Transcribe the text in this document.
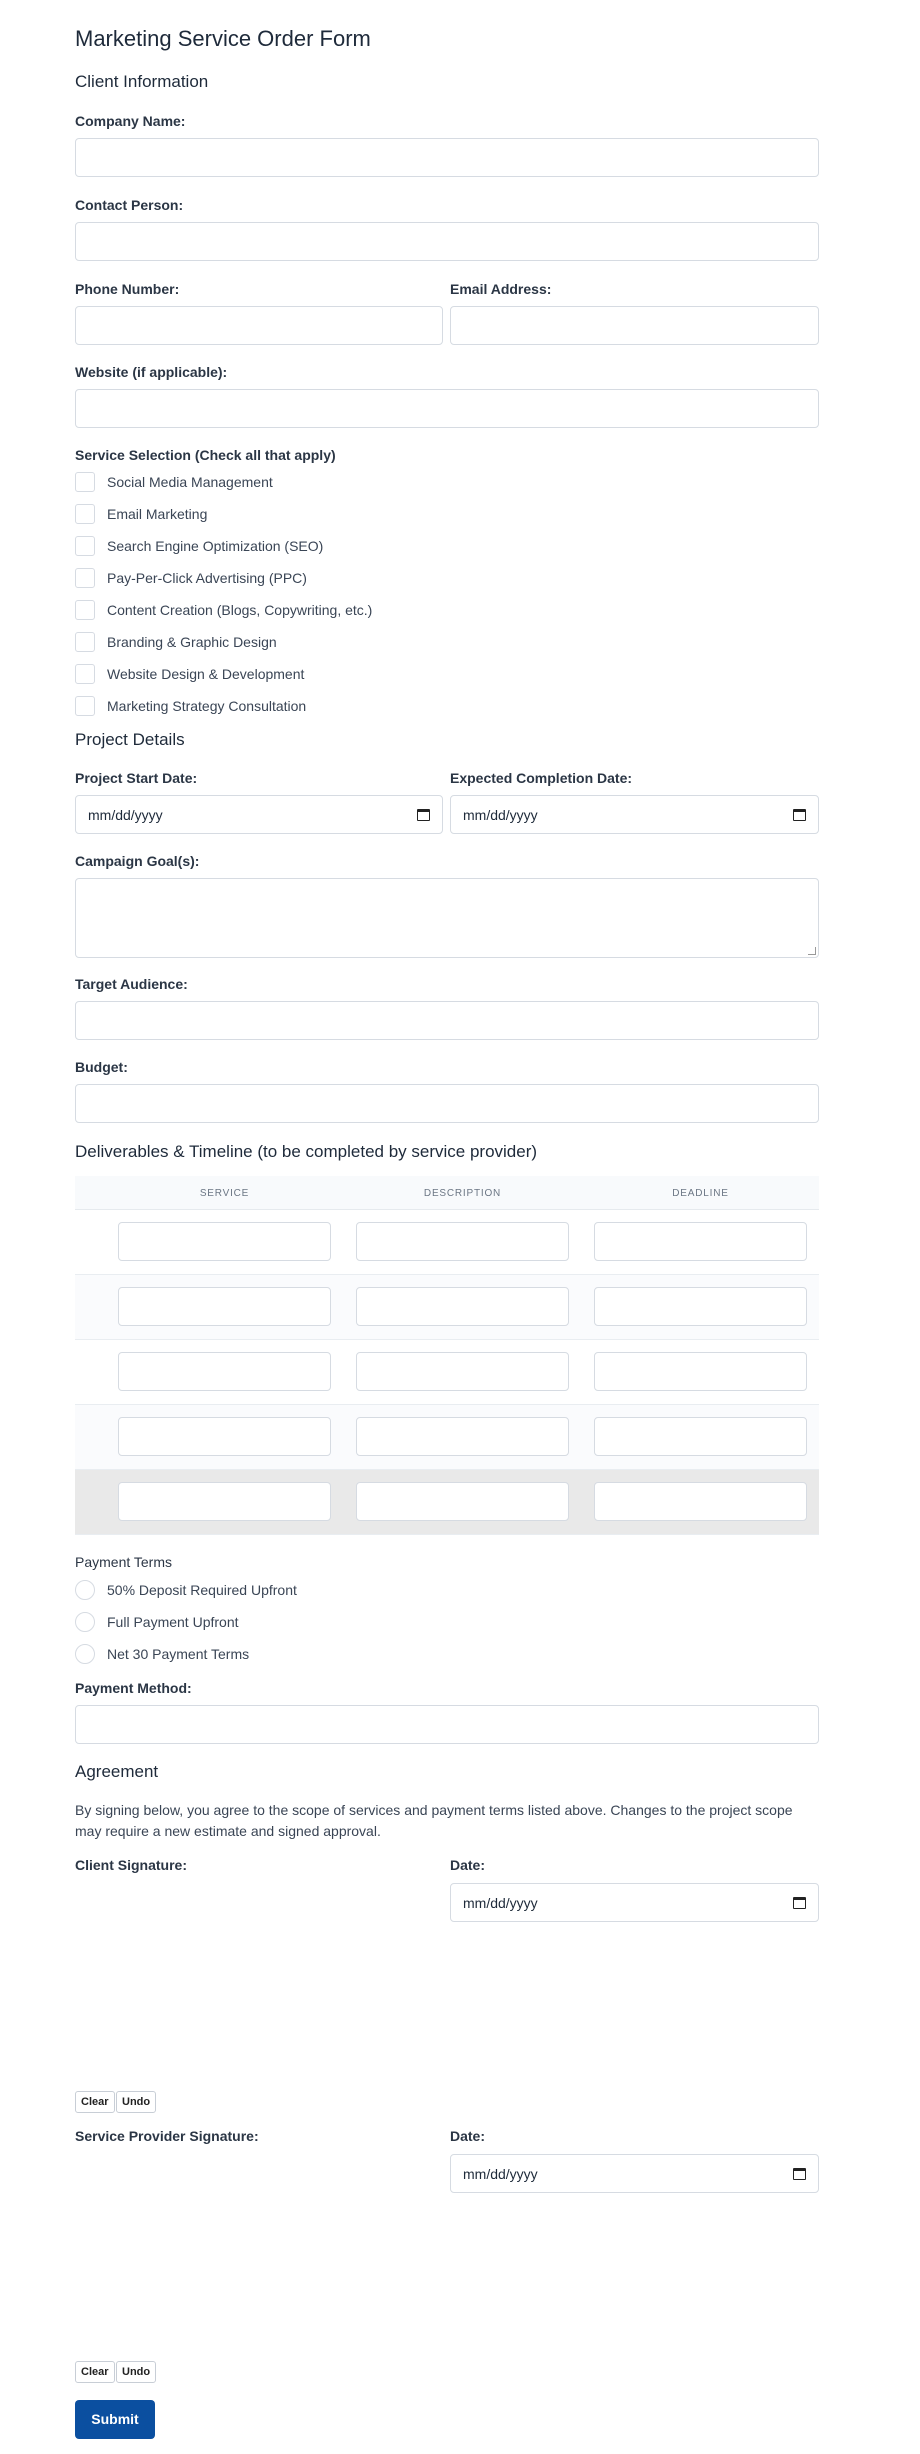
Marketing Service Order Form
Client Information
Company Name:
Contact Person:
Phone Number:	Email Address:
Website (if applicable):
Service Selection (Check all that apply)
Social Media Management
Email Marketing
Search Engine Optimization (SEO)
Pay-Per-Click Advertising (PPC)
Content Creation (Blogs, Copywriting, etc.)
Branding & Graphic Design
Website Design & Development
Marketing Strategy Consultation
Project Details
Project Start Date:	Expected Completion Date:
mm/dd/yyyy	mm/dd/yyyy
Campaign Goal(s):
Target Audience:
Budget:
Deliverables & Timeline (to be completed by service provider)
SERVICE	DESCRIPTION	DEADLINE
Payment Terms
50% Deposit Required Upfront
Full Payment Upfront
Net 30 Payment Terms
Payment Method:
Agreement
By signing below, you agree to the scope of services and payment terms listed above. Changes to the project scope may require a new estimate and signed approval.
Client Signature:	Date:
mm/dd/yyyy
Clear	Undo
Service Provider Signature:	Date:
mm/dd/yyyy
Clear	Undo
Submit
